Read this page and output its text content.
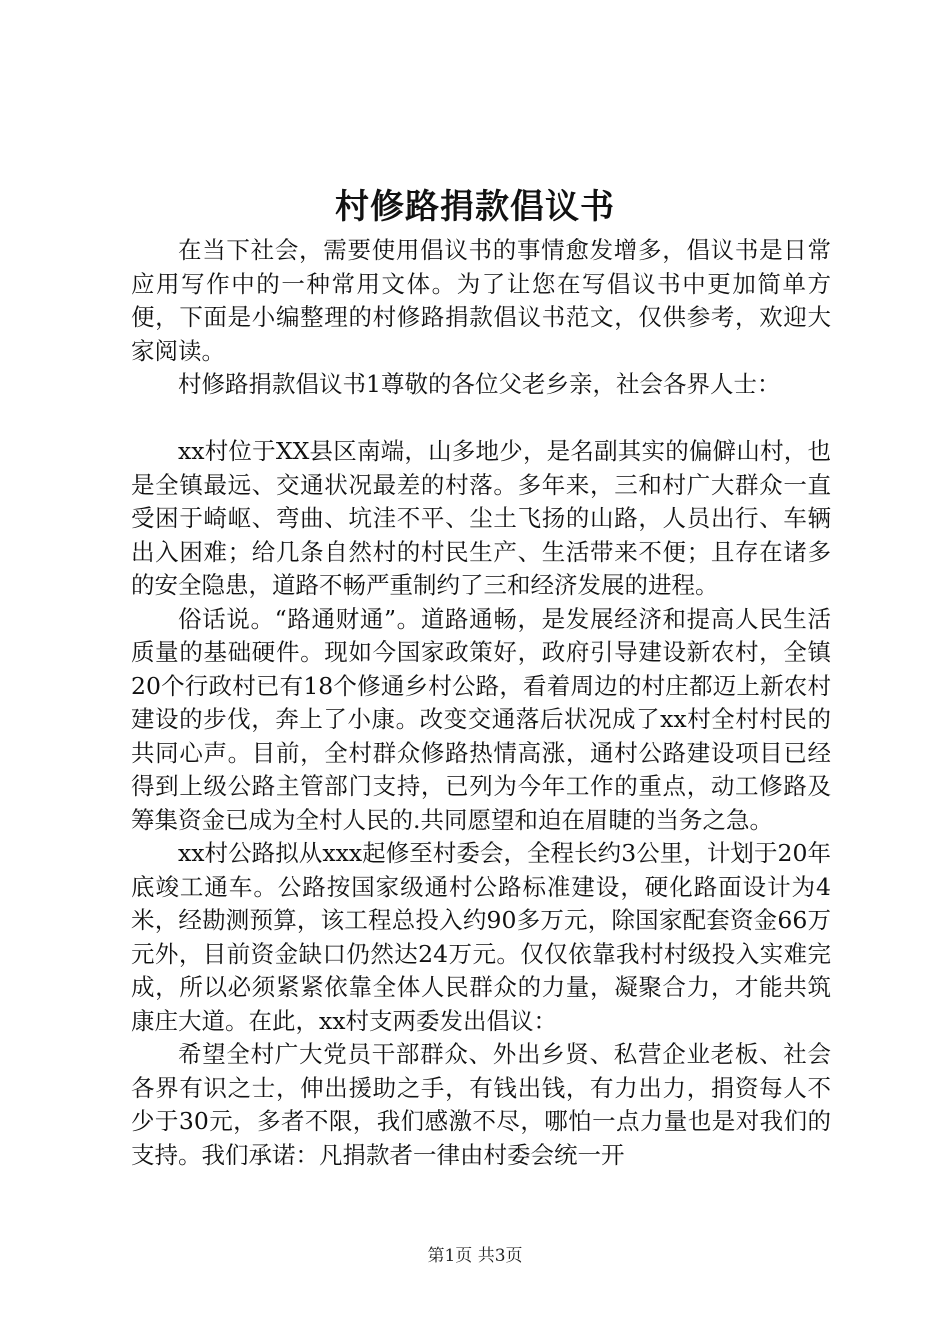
村修路捐款倡议书

在当下社会，需要使用倡议书的事情愈发增多，倡议书是日常应用写作中的一种常用文体。为了让您在写倡议书中更加简单方便，下面是小编整理的村修路捐款倡议书范文，仅供参考，欢迎大家阅读。

村修路捐款倡议书1尊敬的各位父老乡亲，社会各界人士：

xx村位于XX县区南端，山多地少，是名副其实的偏僻山村，也是全镇最远、交通状况最差的村落。多年来，三和村广大群众一直受困于崎岖、弯曲、坑洼不平、尘土飞扬的山路，人员出行、车辆出入困难；给几条自然村的村民生产、生活带来不便；且存在诸多的安全隐患，道路不畅严重制约了三和经济发展的进程。

俗话说。“路通财通”。道路通畅，是发展经济和提高人民生活质量的基础硬件。现如今国家政策好，政府引导建设新农村，全镇20个行政村已有18个修通乡村公路，看着周边的村庄都迈上新农村建设的步伐，奔上了小康。改变交通落后状况成了xx村全村村民的共同心声。目前，全村群众修路热情高涨，通村公路建设项目已经得到上级公路主管部门支持，已列为今年工作的重点，动工修路及筹集资金已成为全村人民的.共同愿望和迫在眉睫的当务之急。

xx村公路拟从xxx起修至村委会，全程长约3公里，计划于20年底竣工通车。公路按国家级通村公路标准建设，硬化路面设计为4米，经勘测预算，该工程总投入约90多万元，除国家配套资金66万元外，目前资金缺口仍然达24万元。仅仅依靠我村村级投入实难完成，所以必须紧紧依靠全体人民群众的力量，凝聚合力，才能共筑康庄大道。在此，xx村支两委发出倡议：

希望全村广大党员干部群众、外出乡贤、私营企业老板、社会各界有识之士，伸出援助之手，有钱出钱，有力出力，捐资每人不少于30元，多者不限，我们感激不尽，哪怕一点力量也是对我们的支持。我们承诺：凡捐款者一律由村委会统一开

第1页 共3页
